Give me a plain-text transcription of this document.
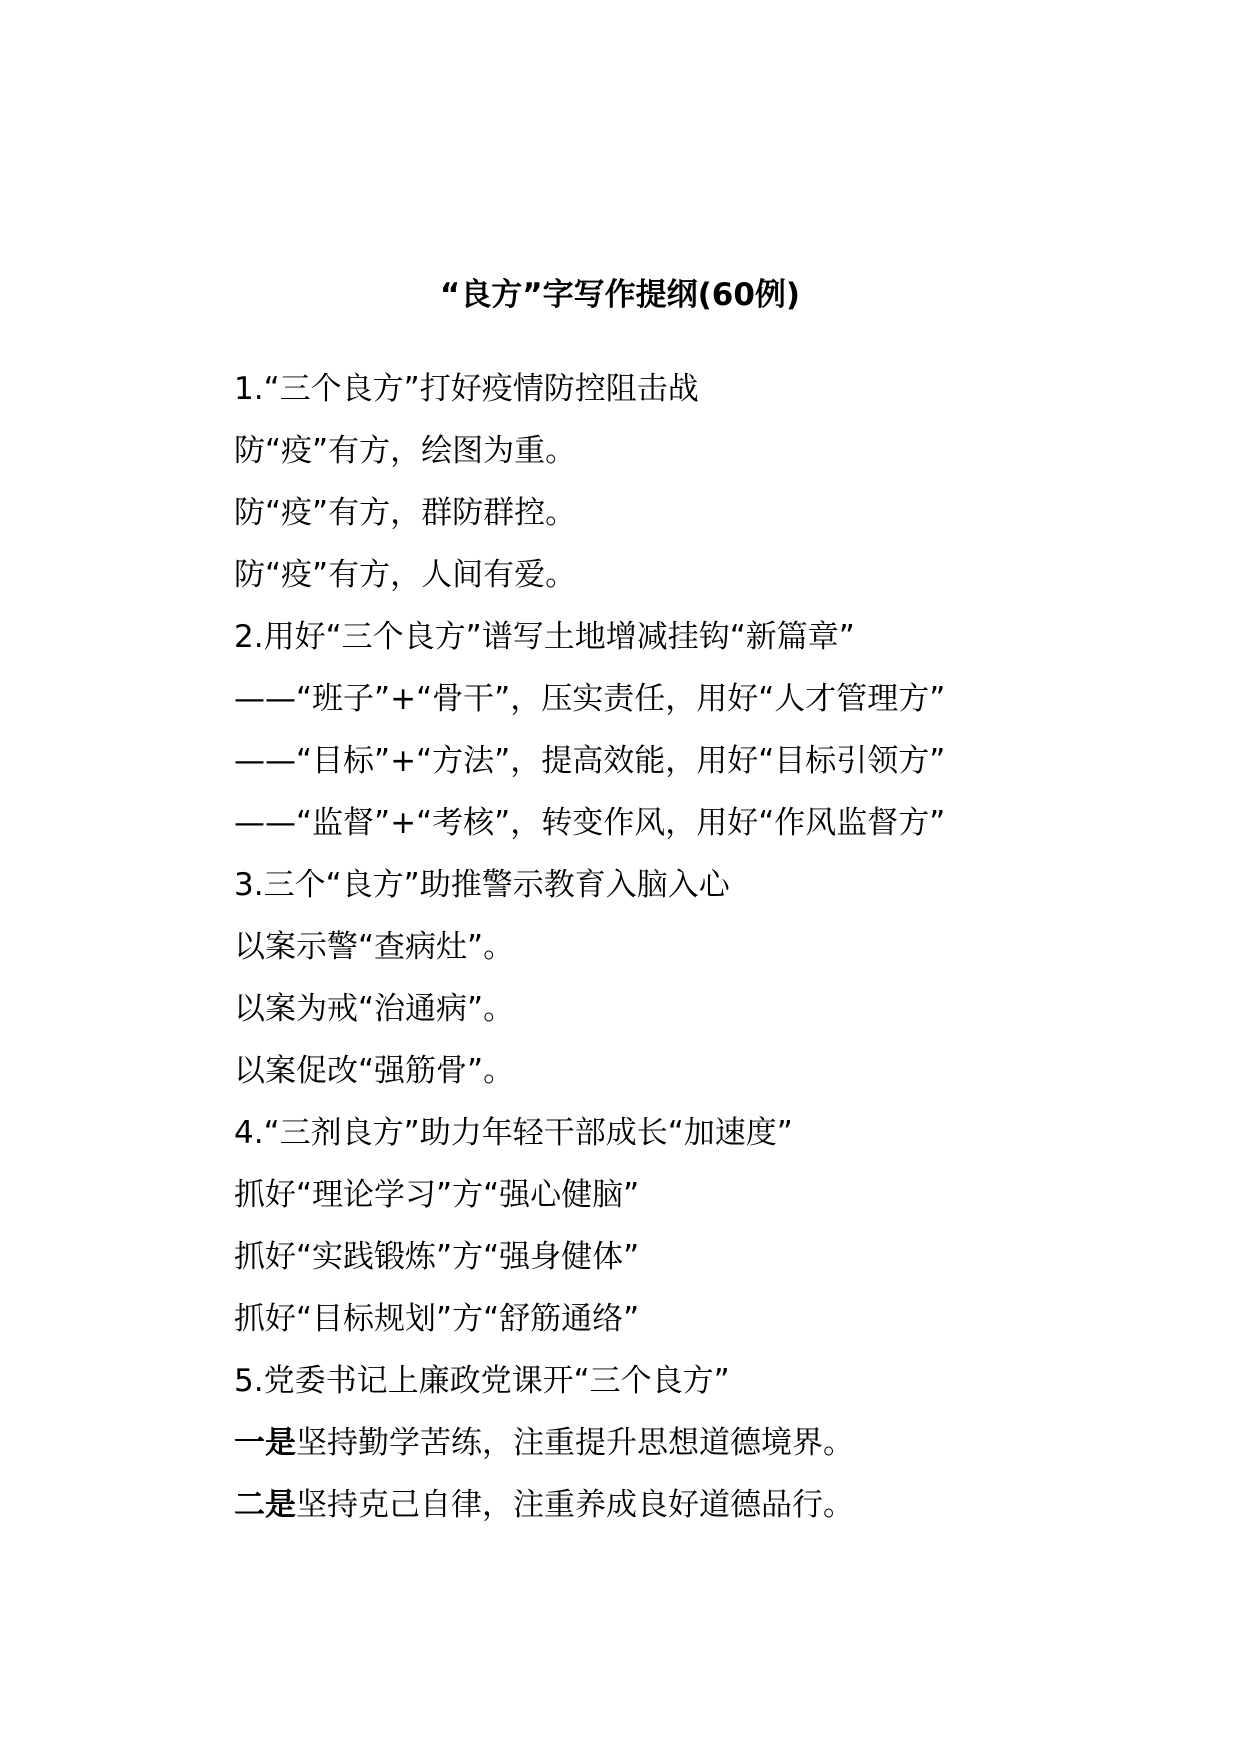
“良方”字写作提纲(60例)
1.“三个良方”打好疫情防控阻击战
防“疫”有方，绘图为重。
防“疫”有方，群防群控。
防“疫”有方，人间有爱。
2.用好“三个良方”谱写土地增减挂钩“新篇章”
——“班子”+“骨干”，压实责任，用好“人才管理方”
——“目标”+“方法”，提高效能，用好“目标引领方”
——“监督”+“考核”，转变作风，用好“作风监督方”
3.三个“良方”助推警示教育入脑入心
以案示警“查病灶”。
以案为戒“治通病”。
以案促改“强筋骨”。
4.“三剂良方”助力年轻干部成长“加速度”
抓好“理论学习”方“强心健脑”
抓好“实践锻炼”方“强身健体”
抓好“目标规划”方“舒筋通络”
5.党委书记上廉政党课开“三个良方”
一是坚持勤学苦练，注重提升思想道德境界。
二是坚持克己自律，注重养成良好道德品行。
